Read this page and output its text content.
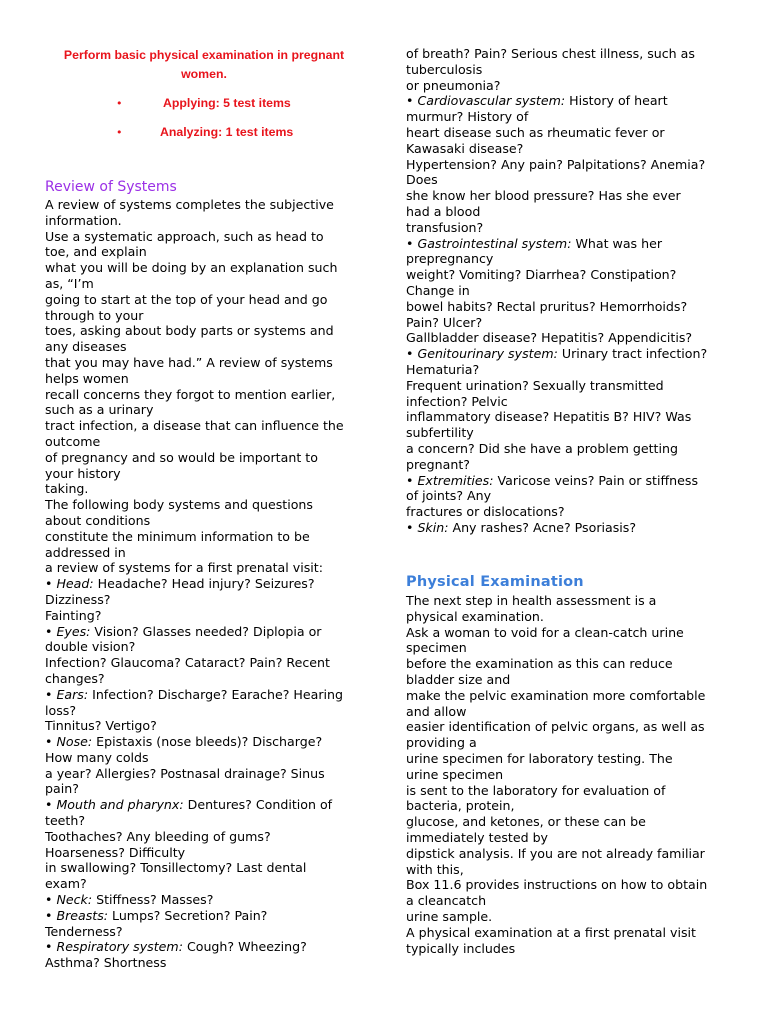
Perform basic physical examination in pregnant
women.
•	Applying: 5 test items
•	Analyzing: 1 test items
Review of Systems
A review of systems completes the subjective
information.
Use a systematic approach, such as head to
toe, and explain
what you will be doing by an explanation such
as, “I’m
going to start at the top of your head and go
through to your
toes, asking about body parts or systems and
any diseases
that you may have had.” A review of systems
helps women
recall concerns they forgot to mention earlier,
such as a urinary
tract infection, a disease that can influence the
outcome
of pregnancy and so would be important to
your history
taking.
The following body systems and questions
about conditions
constitute the minimum information to be
addressed in
a review of systems for a first prenatal visit:
• Head: Headache? Head injury? Seizures?
Dizziness?
Fainting?
• Eyes: Vision? Glasses needed? Diplopia or
double vision?
Infection? Glaucoma? Cataract? Pain? Recent
changes?
• Ears: Infection? Discharge? Earache? Hearing
loss?
Tinnitus? Vertigo?
• Nose: Epistaxis (nose bleeds)? Discharge?
How many colds
a year? Allergies? Postnasal drainage? Sinus
pain?
• Mouth and pharynx: Dentures? Condition of
teeth?
Toothaches? Any bleeding of gums?
Hoarseness? Difficulty
in swallowing? Tonsillectomy? Last dental
exam?
• Neck: Stiffness? Masses?
• Breasts: Lumps? Secretion? Pain?
Tenderness?
• Respiratory system: Cough? Wheezing?
Asthma? Shortness
of breath? Pain? Serious chest illness, such as
tuberculosis
or pneumonia?
• Cardiovascular system: History of heart
murmur? History of
heart disease such as rheumatic fever or
Kawasaki disease?
Hypertension? Any pain? Palpitations? Anemia?
Does
she know her blood pressure? Has she ever
had a blood
transfusion?
• Gastrointestinal system: What was her
prepregnancy
weight? Vomiting? Diarrhea? Constipation?
Change in
bowel habits? Rectal pruritus? Hemorrhoids?
Pain? Ulcer?
Gallbladder disease? Hepatitis? Appendicitis?
• Genitourinary system: Urinary tract infection?
Hematuria?
Frequent urination? Sexually transmitted
infection? Pelvic
inflammatory disease? Hepatitis B? HIV? Was
subfertility
a concern? Did she have a problem getting
pregnant?
• Extremities: Varicose veins? Pain or stiffness
of joints? Any
fractures or dislocations?
• Skin: Any rashes? Acne? Psoriasis?
Physical Examination
The next step in health assessment is a
physical examination.
Ask a woman to void for a clean-catch urine
specimen
before the examination as this can reduce
bladder size and
make the pelvic examination more comfortable
and allow
easier identification of pelvic organs, as well as
providing a
urine specimen for laboratory testing. The
urine specimen
is sent to the laboratory for evaluation of
bacteria, protein,
glucose, and ketones, or these can be
immediately tested by
dipstick analysis. If you are not already familiar
with this,
Box 11.6 provides instructions on how to obtain
a cleancatch
urine sample.
A physical examination at a first prenatal visit
typically includes
